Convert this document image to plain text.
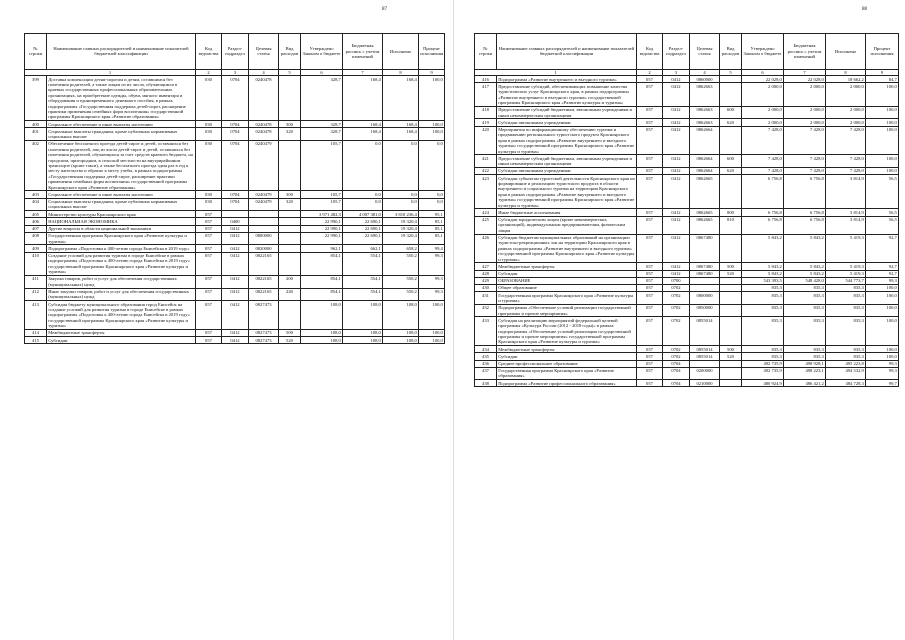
87
№ строки	Наименование главных распорядителей и наименование показателей бюджетной классификации	Код ведомства	Раздел-подраздел	Целевая статья	Вид расходов	Утверждено Законом о бюджете	Бюджетная роспись с учетом изменений	Исполнено	Процент исполнения
1		2	3	4	5	6	7	8	9
399	Доставка компенсации детям-сиротам и детям, оставшимся без попечения родителей, а также лицам из их числа, обучающимся в краевых государственных профессиональных образовательных организациях, на приобретение одежды, обуви, мягкого инвентаря и оборудования и единовременного денежного пособия, в рамках подпрограммы «Государственная поддержка детей-сирот, расширение практики применения семейных форм воспитания» государственной программы Красноярского края «Развитие образования»	030	0704	0240478		328,7	168,4	168,4	100,0
400	Социальное обеспечение и иные выплаты населению	030	0704	0240478	300	328,7	168,4	168,4	100,0
401	Социальные выплаты гражданам, кроме публичных нормативных социальных выплат	030	0704	0240478	320	328,7	168,4	168,4	100,0
402	Обеспечение бесплатного проезда детей-сирот и детей, оставшихся без попечения родителей, лиц из числа детей-сирот и детей, оставшихся без попечения родителей, обучающихся за счет средств краевого бюджета, на городском, пригородном, в сельской местности на внутрирайонном транспорте (кроме такси), а также бесплатного проезда один раз в год к месту жительства и обратно к месту учебы, в рамках подпрограммы «Государственная поддержка детей-сирот, расширение практики применения семейных форм воспитания» государственной программы Красноярского края «Развитие образования»	030	0704	0240479		105,7	0,0	0,0	0,0
403	Социальное обеспечение и иные выплаты населению	030	0704	0240479	300	105,7	0,0	0,0	0,0
404	Социальные выплаты гражданам, кроме публичных нормативных социальных выплат	030	0704	0240479	320	105,7	0,0	0,0	0,0
405	Министерство культуры Красноярского края	057				3 971 482,3	4 007 381,0	3 810 236,4	95,1
406	НАЦИОНАЛЬНАЯ ЭКОНОМИКА	057	0400			22 990,1	22 690,1	19 320,4	85,1
407	Другие вопросы в области национальной экономики	057	0412			22 990,1	22 690,1	19 320,4	85,1
408	Государственная программа Красноярского края «Развитие культуры и туризма»	057	0412	0800000		22 990,1	22 690,1	19 320,4	85,1
409	Подпрограмма «Подготовка к 400-летию города Енисейска в 2019 году»	057	0412	0820000		962,1	662,1	658,2	99,4
410	Создание условий для развития туризма в городе Енисейске в рамках подпрограммы «Подготовка к 400-летию города Енисейска в 2019 году» государственной программы Красноярского края «Развитие культуры и туризма»	057	0412	0822165		854,1	554,1	550,2	99,3
411	Закупка товаров, работ и услуг для обеспечения государственных (муниципальных) нужд	057	0412	0822165	200	854,1	554,1	550,2	99,3
412	Иные закупки товаров, работ и услуг для обеспечения государственных (муниципальных) нужд	057	0412	0822165	240	854,1	554,1	550,2	99,3
413	Субсидия бюджету муниципального образования город Енисейск на создание условий для развития туризма в городе Енисейске в рамках подпрограммы «Подготовка к 400-летию города Енисейска в 2019 году» государственной программы Красноярского края «Развитие культуры и туризма»	057	0412	0827473		108,0	108,0	108,0	100,0
414	Межбюджетные трансферты	057	0412	0827473	500	108,0	108,0	108,0	100,0
415	Субсидии	057	0412	0827473	520	108,0	108,0	108,0	100,0
88
№ строки	Наименование главных распорядителей и наименование показателей бюджетной классификации	Код ведомства	Раздел-подраздел	Целевая статья	Вид расходов	Утверждено Законом о бюджете	Бюджетная роспись с учетом изменений	Исполнено	Процент исполнения
1		2	3	4	5	6	7	8	9
416	Подпрограмма «Развитие внутреннего и въездного туризма»	057	0412	0860000		22 028,0	22 028,0	18 662,2	84,7
417	Предоставление субсидий, обеспечивающих повышение качества туристических услуг Красноярского края, в рамках подпрограммы «Развитие внутреннего и въездного туризма» государственной программы Красноярского края «Развитие культуры и туризма»	057	0412	0862663		2 000,0	2 000,0	2 000,0	100,0
418	Предоставление субсидий бюджетным, автономным учреждениям и иным некоммерческим организациям	057	0412	0862663	600	2 000,0	2 000,0	2 000,0	100,0
419	Субсидии автономным учреждениям	057	0412	0862663	620	2 000,0	2 000,0	2 000,0	100,0
420	Мероприятия по информационному обеспечению туризма и продвижению регионального туристского продукта Красноярского края в рамках подпрограммы «Развитие внутреннего и въездного туризма» государственной программы Красноярского края «Развитие культуры и туризма»	057	0412	0862664		7 428,0	7 428,0	7 428,0	100,0
421	Предоставление субсидий бюджетным, автономным учреждениям и иным некоммерческим организациям	057	0412	0862664	600	7 428,0	7 428,0	7 428,0	100,0
422	Субсидии автономным учреждениям	057	0412	0862664	620	7 428,0	7 428,0	7 428,0	100,0
423	Субсидии субъектам туристской деятельности Красноярского края на формирование и реализацию туристского продукта в области внутреннего и социального туризма на территории Красноярского края в рамках подпрограммы «Развитие внутреннего и въездного туризма» государственной программы Красноярского края «Развитие культуры и туризма»	057	0412	0862665		6 756,8	6 756,8	3 814,9	56,5
424	Иные бюджетные ассигнования	057	0412	0862665	800	6 756,8	6 756,8	3 814,9	56,5
425	Субсидии юридическим лицам (кроме некоммерческих организаций), индивидуальным предпринимателям, физическим лицам	057	0412	0862665	810	6 756,8	6 756,8	3 814,9	56,5
426	Субсидии бюджетам муниципальных образований на организацию туристско-рекреационных зон на территории Красноярского края в рамках подпрограммы «Развитие внутреннего и въездного туризма» государственной программы Красноярского края «Развитие культуры и туризма»	057	0412	0867480		5 843,2	5 843,2	5 419,3	92,7
427	Межбюджетные трансферты	057	0412	0867480	500	5 843,2	5 843,2	5 419,3	92,7
428	Субсидии	057	0412	0867480	520	5 843,2	5 843,2	5 419,3	92,7
429	ОБРАЗОВАНИЕ	057	0700			543 393,5	548 428,0	544 773,7	99,3
430	Общее образование	057	0702			835,3	835,3	835,3	100,0
431	Государственная программа Красноярского края «Развитие культуры и туризма»	057	0702	0800000		835,3	835,3	835,3	100,0
432	Подпрограмма «Обеспечение условий реализации государственной программы и прочие мероприятия»	057	0702	0850000		835,3	835,3	835,3	100,0
433	Субсидия на реализацию мероприятий федеральной целевой программы «Культура России (2012 - 2018 годы)» в рамках подпрограммы «Обеспечение условий реализации государственной программы и прочие мероприятия» государственной программы Красноярского края «Развитие культуры и туризма»	057	0702	0855014		835,3	835,3	835,3	100,0
434	Межбюджетные трансферты	057	0702	0855014	500	835,3	835,3	835,3	100,0
435	Субсидии	057	0702	0855014	520	835,3	835,3	835,3	100,0
436	Среднее профессиональное образование	057	0704			492 735,9	498 928,1	495 223,8	99,3
437	Государственная программа Красноярского края «Развитие образования»	057	0704	0200000		492 735,9	498 223,1	494 532,9	99,3
438	Подпрограмма «Развитие профессионального образования»	057	0704	0210000		480 924,9	486 421,2	484 728,3	99,7
